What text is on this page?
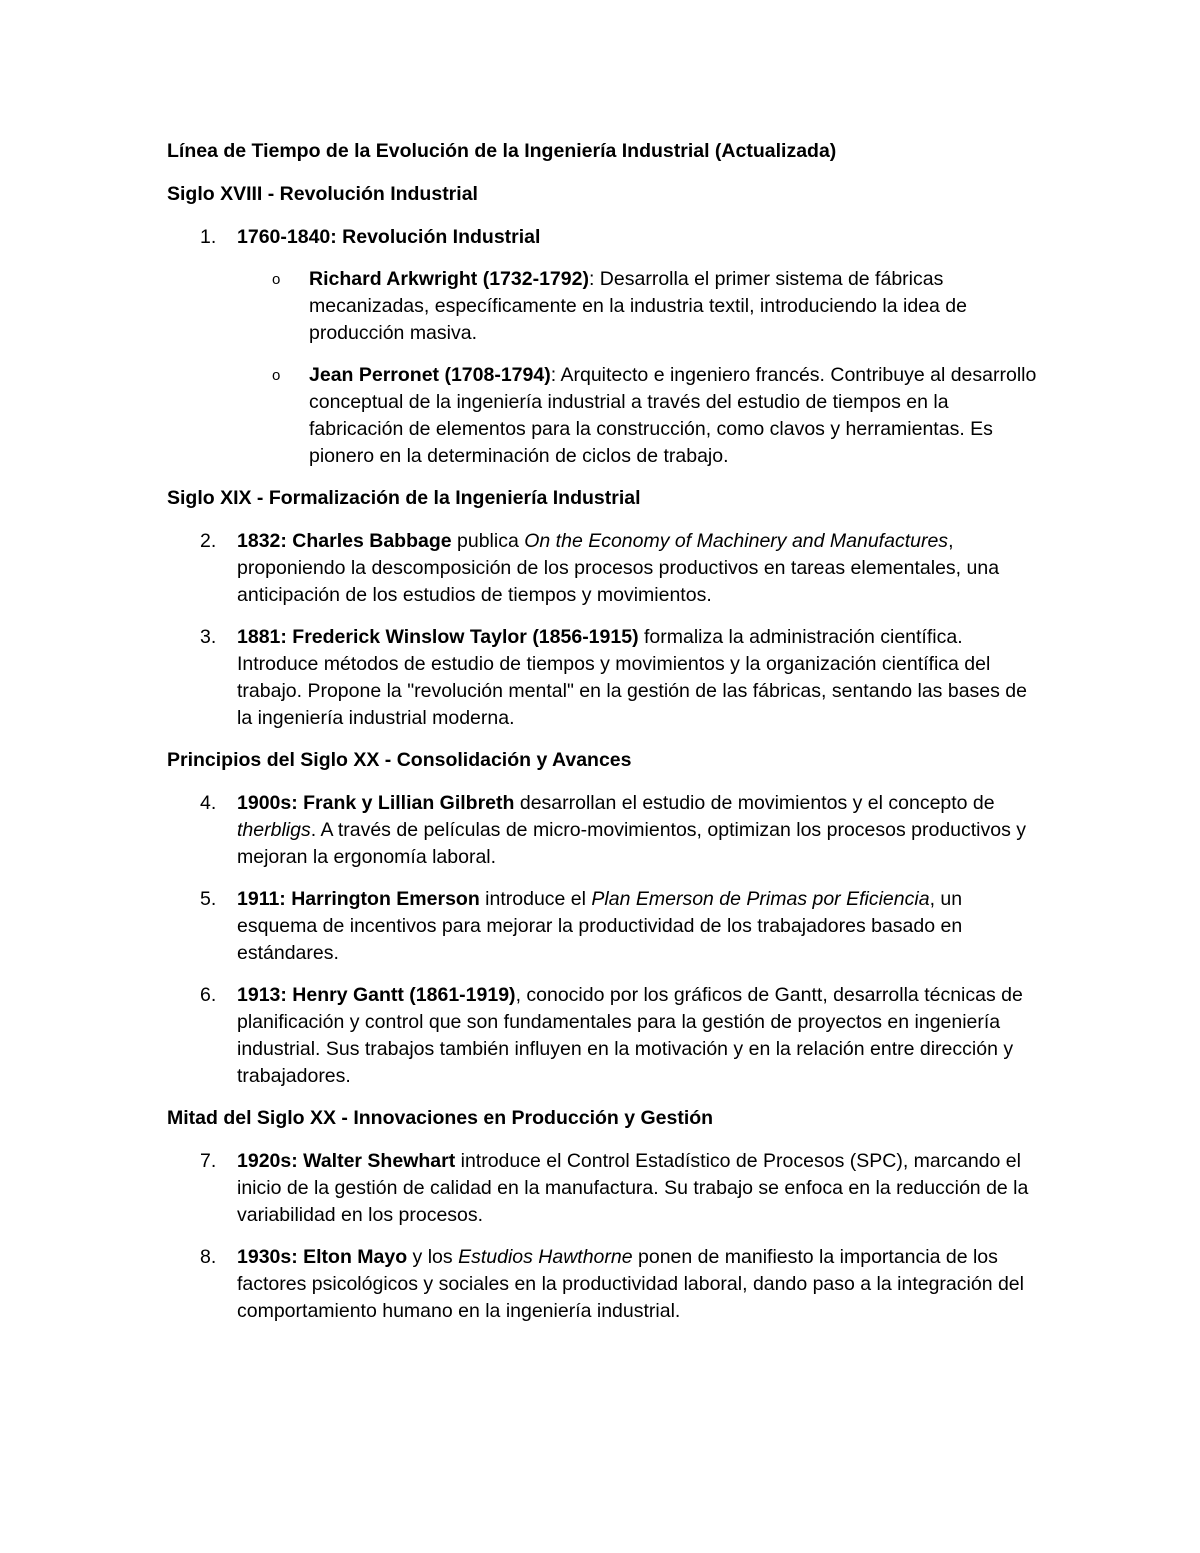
Línea de Tiempo de la Evolución de la Ingeniería Industrial (Actualizada)

Siglo XVIII - Revolución Industrial

1. 1760-1840: Revolución Industrial
o Richard Arkwright (1732-1792): Desarrolla el primer sistema de fábricas mecanizadas, específicamente en la industria textil, introduciendo la idea de producción masiva.
o Jean Perronet (1708-1794): Arquitecto e ingeniero francés. Contribuye al desarrollo conceptual de la ingeniería industrial a través del estudio de tiempos en la fabricación de elementos para la construcción, como clavos y herramientas. Es pionero en la determinación de ciclos de trabajo.

Siglo XIX - Formalización de la Ingeniería Industrial

2. 1832: Charles Babbage publica On the Economy of Machinery and Manufactures, proponiendo la descomposición de los procesos productivos en tareas elementales, una anticipación de los estudios de tiempos y movimientos.
3. 1881: Frederick Winslow Taylor (1856-1915) formaliza la administración científica. Introduce métodos de estudio de tiempos y movimientos y la organización científica del trabajo. Propone la "revolución mental" en la gestión de las fábricas, sentando las bases de la ingeniería industrial moderna.

Principios del Siglo XX - Consolidación y Avances

4. 1900s: Frank y Lillian Gilbreth desarrollan el estudio de movimientos y el concepto de therbligs. A través de películas de micro-movimientos, optimizan los procesos productivos y mejoran la ergonomía laboral.
5. 1911: Harrington Emerson introduce el Plan Emerson de Primas por Eficiencia, un esquema de incentivos para mejorar la productividad de los trabajadores basado en estándares.
6. 1913: Henry Gantt (1861-1919), conocido por los gráficos de Gantt, desarrolla técnicas de planificación y control que son fundamentales para la gestión de proyectos en ingeniería industrial. Sus trabajos también influyen en la motivación y en la relación entre dirección y trabajadores.

Mitad del Siglo XX - Innovaciones en Producción y Gestión

7. 1920s: Walter Shewhart introduce el Control Estadístico de Procesos (SPC), marcando el inicio de la gestión de calidad en la manufactura. Su trabajo se enfoca en la reducción de la variabilidad en los procesos.
8. 1930s: Elton Mayo y los Estudios Hawthorne ponen de manifiesto la importancia de los factores psicológicos y sociales en la productividad laboral, dando paso a la integración del comportamiento humano en la ingeniería industrial.
